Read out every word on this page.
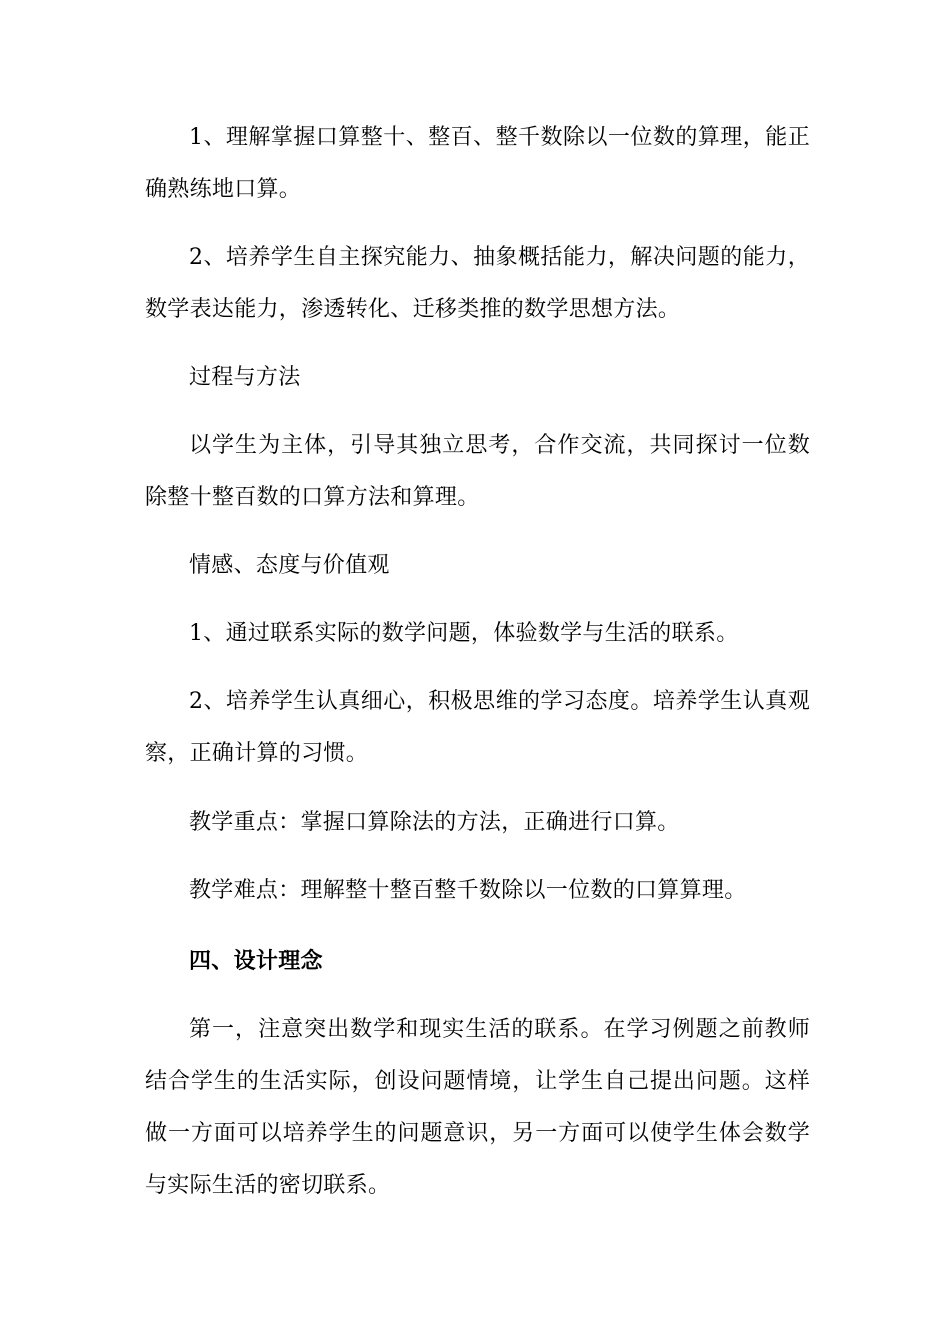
1、理解掌握口算整十、整百、整千数除以一位数的算理，能正确熟练地口算。

2、培养学生自主探究能力、抽象概括能力，解决问题的能力，数学表达能力，渗透转化、迁移类推的数学思想方法。

过程与方法

以学生为主体，引导其独立思考，合作交流，共同探讨一位数除整十整百数的口算方法和算理。

情感、态度与价值观

1、通过联系实际的数学问题，体验数学与生活的联系。

2、培养学生认真细心，积极思维的学习态度。培养学生认真观察，正确计算的习惯。

教学重点：掌握口算除法的方法，正确进行口算。

教学难点：理解整十整百整千数除以一位数的口算算理。

四、设计理念

第一，注意突出数学和现实生活的联系。在学习例题之前教师结合学生的生活实际，创设问题情境，让学生自己提出问题。这样做一方面可以培养学生的问题意识，另一方面可以使学生体会数学与实际生活的密切联系。
